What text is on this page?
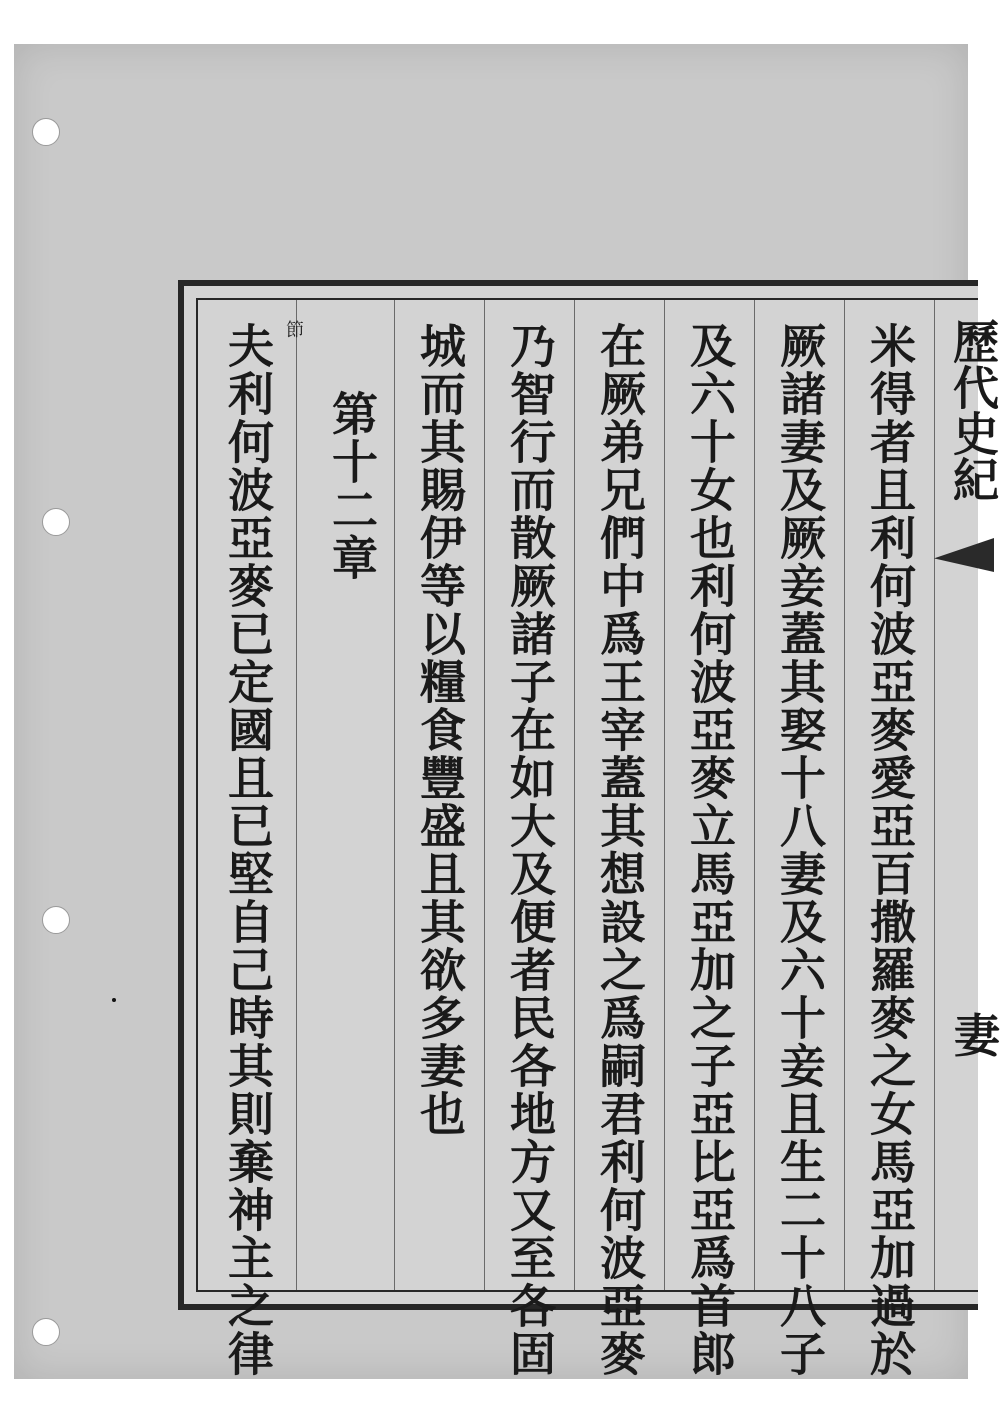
歷代史紀
妻
米得者且利何波亞麥愛亞百撒羅麥之女馬亞加過於
厥諸妻及厥妾蓋其娶十八妻及六十妾且生二十八子
及六十女也利何波亞麥立馬亞加之子亞比亞爲首郎
在厥弟兄們中爲王宰蓋其想設之爲嗣君利何波亞麥
乃智行而散厥諸子在如大及便者民各地方又至各固
城而其賜伊等以糧食豐盛且其欲多妻也
第十二章
節
夫利何波亞麥已定國且已堅自己時其則棄神主之律
